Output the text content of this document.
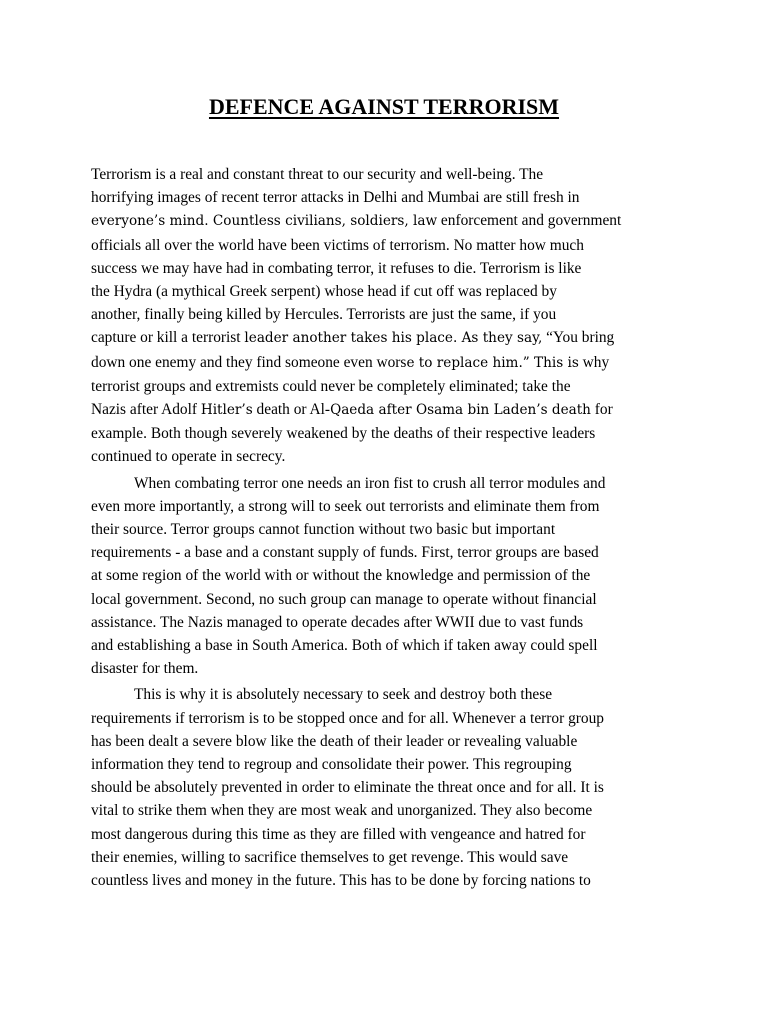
DEFENCE AGAINST TERRORISM
Terrorism is a real and constant threat to our security and well-being. The
horrifying images of recent terror attacks in Delhi and Mumbai are still fresh in
everyone’s mind. Countless civilians, soldiers, law enforcement and government
officials all over the world have been victims of terrorism. No matter how much
success we may have had in combating terror, it refuses to die. Terrorism is like
the Hydra (a mythical Greek serpent) whose head if cut off was replaced by
another, finally being killed by Hercules. Terrorists are just the same, if you
capture or kill a terrorist leader another takes his place. As they say, “You bring
down one enemy and they find someone even worse to replace him.” This is why
terrorist groups and extremists could never be completely eliminated; take the
Nazis after Adolf Hitler’s death or Al-Qaeda after Osama bin Laden’s death for
example. Both though severely weakened by the deaths of their respective leaders
continued to operate in secrecy.
When combating terror one needs an iron fist to crush all terror modules and
even more importantly, a strong will to seek out terrorists and eliminate them from
their source. Terror groups cannot function without two basic but important
requirements - a base and a constant supply of funds. First, terror groups are based
at some region of the world with or without the knowledge and permission of the
local government. Second, no such group can manage to operate without financial
assistance. The Nazis managed to operate decades after WWII due to vast funds
and establishing a base in South America. Both of which if taken away could spell
disaster for them.
This is why it is absolutely necessary to seek and destroy both these
requirements if terrorism is to be stopped once and for all. Whenever a terror group
has been dealt a severe blow like the death of their leader or revealing valuable
information they tend to regroup and consolidate their power. This regrouping
should be absolutely prevented in order to eliminate the threat once and for all. It is
vital to strike them when they are most weak and unorganized. They also become
most dangerous during this time as they are filled with vengeance and hatred for
their enemies, willing to sacrifice themselves to get revenge. This would save
countless lives and money in the future. This has to be done by forcing nations to
